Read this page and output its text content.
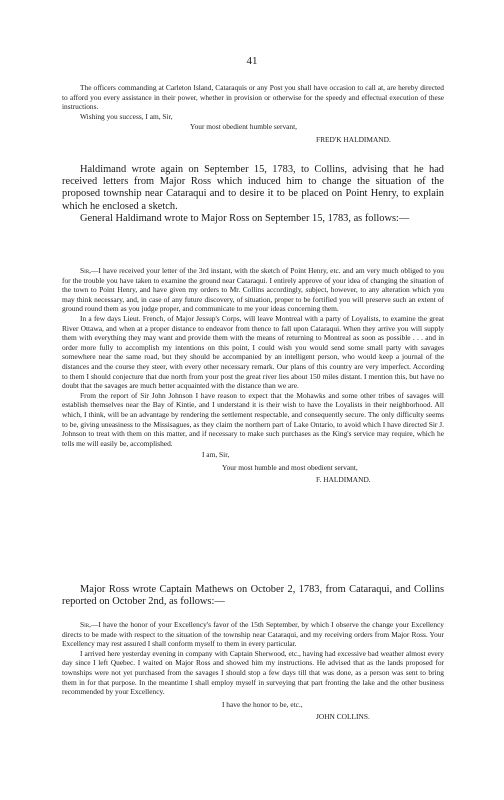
41

The officers commanding at Carleton Island, Cataraquis or any Post you shall have occasion to call at, are hereby directed to afford you every assistance in their power, whether in provision or otherwise for the speedy and effectual execution of these instructions.

Wishing you success, I am, Sir,

Your most obedient humble servant,

FRED'K HALDIMAND.

Haldimand wrote again on September 15, 1783, to Collins, advising that he had received letters from Major Ross which induced him to change the situation of the proposed township near Cataraqui and to desire it to be placed on Point Henry, to explain which he enclosed a sketch.

General Haldimand wrote to Major Ross on September 15, 1783, as follows:—

Sir,—I have received your letter of the 3rd instant, with the sketch of Point Henry, etc. and am very much obliged to you for the trouble you have taken to examine the ground near Cataraqui. I entirely approve of your idea of changing the situation of the town to Point Henry, and have given my orders to Mr. Collins accordingly, subject, however, to any alteration which you may think necessary, and, in case of any future discovery, of situation, proper to be fortified you will preserve such an extent of ground round them as you judge proper, and communicate to me your ideas concerning them.

In a few days Lieut. French, of Major Jessup's Corps, will leave Montreal with a party of Loyalists, to examine the great River Ottawa, and when at a proper distance to endeavor from thence to fall upon Cataraqui. When they arrive you will supply them with everything they may want and provide them with the means of returning to Montreal as soon as possible . . . and in order more fully to accomplish my intentions on this point, I could wish you would send some small party with savages somewhere near the same road, but they should be accompanied by an intelligent person, who would keep a journal of the distances and the course they steer, with every other necessary remark. Our plans of this country are very imperfect. According to them I should conjecture that due north from your post the great river lies about 150 miles distant. I mention this, but have no doubt that the savages are much better acquainted with the distance than we are.

From the report of Sir John Johnson I have reason to expect that the Mohawks and some other tribes of savages will establish themselves near the Bay of Kintie, and I understand it is their wish to have the Loyalists in their neighborhood. All which, I think, will be an advantage by rendering the settlement respectable, and consequently secure. The only difficulty seems to be, giving uneasiness to the Missisagues, as they claim the northern part of Lake Ontario, to avoid which I have directed Sir J. Johnson to treat with them on this matter, and if necessary to make such purchases as the King's service may require, which he tells me will easily be, accomplished.

I am, Sir,

Your most humble and most obedient servant,

F. HALDIMAND.

Major Ross wrote Captain Mathews on October 2, 1783, from Cataraqui, and Collins reported on October 2nd, as follows:—

Sir,—I have the honor of your Excellency's favor of the 15th September, by which I observe the change your Excellency directs to be made with respect to the situation of the township near Cataraqui, and my receiving orders from Major Ross. Your Excellency may rest assured I shall conform myself to them in every particular.

I arrived here yesterday evening in company with Captain Sherwood, etc., having had excessive bad weather almost every day since I left Quebec. I waited on Major Ross and showed him my instructions. He advised that as the lands proposed for townships were not yet purchased from the savages I should stop a few days till that was done, as a person was sent to bring them in for that purpose. In the meantime I shall employ myself in surveying that part fronting the lake and the other business recommended by your Excellency.

I have the honor to be, etc.,

JOHN COLLINS.
